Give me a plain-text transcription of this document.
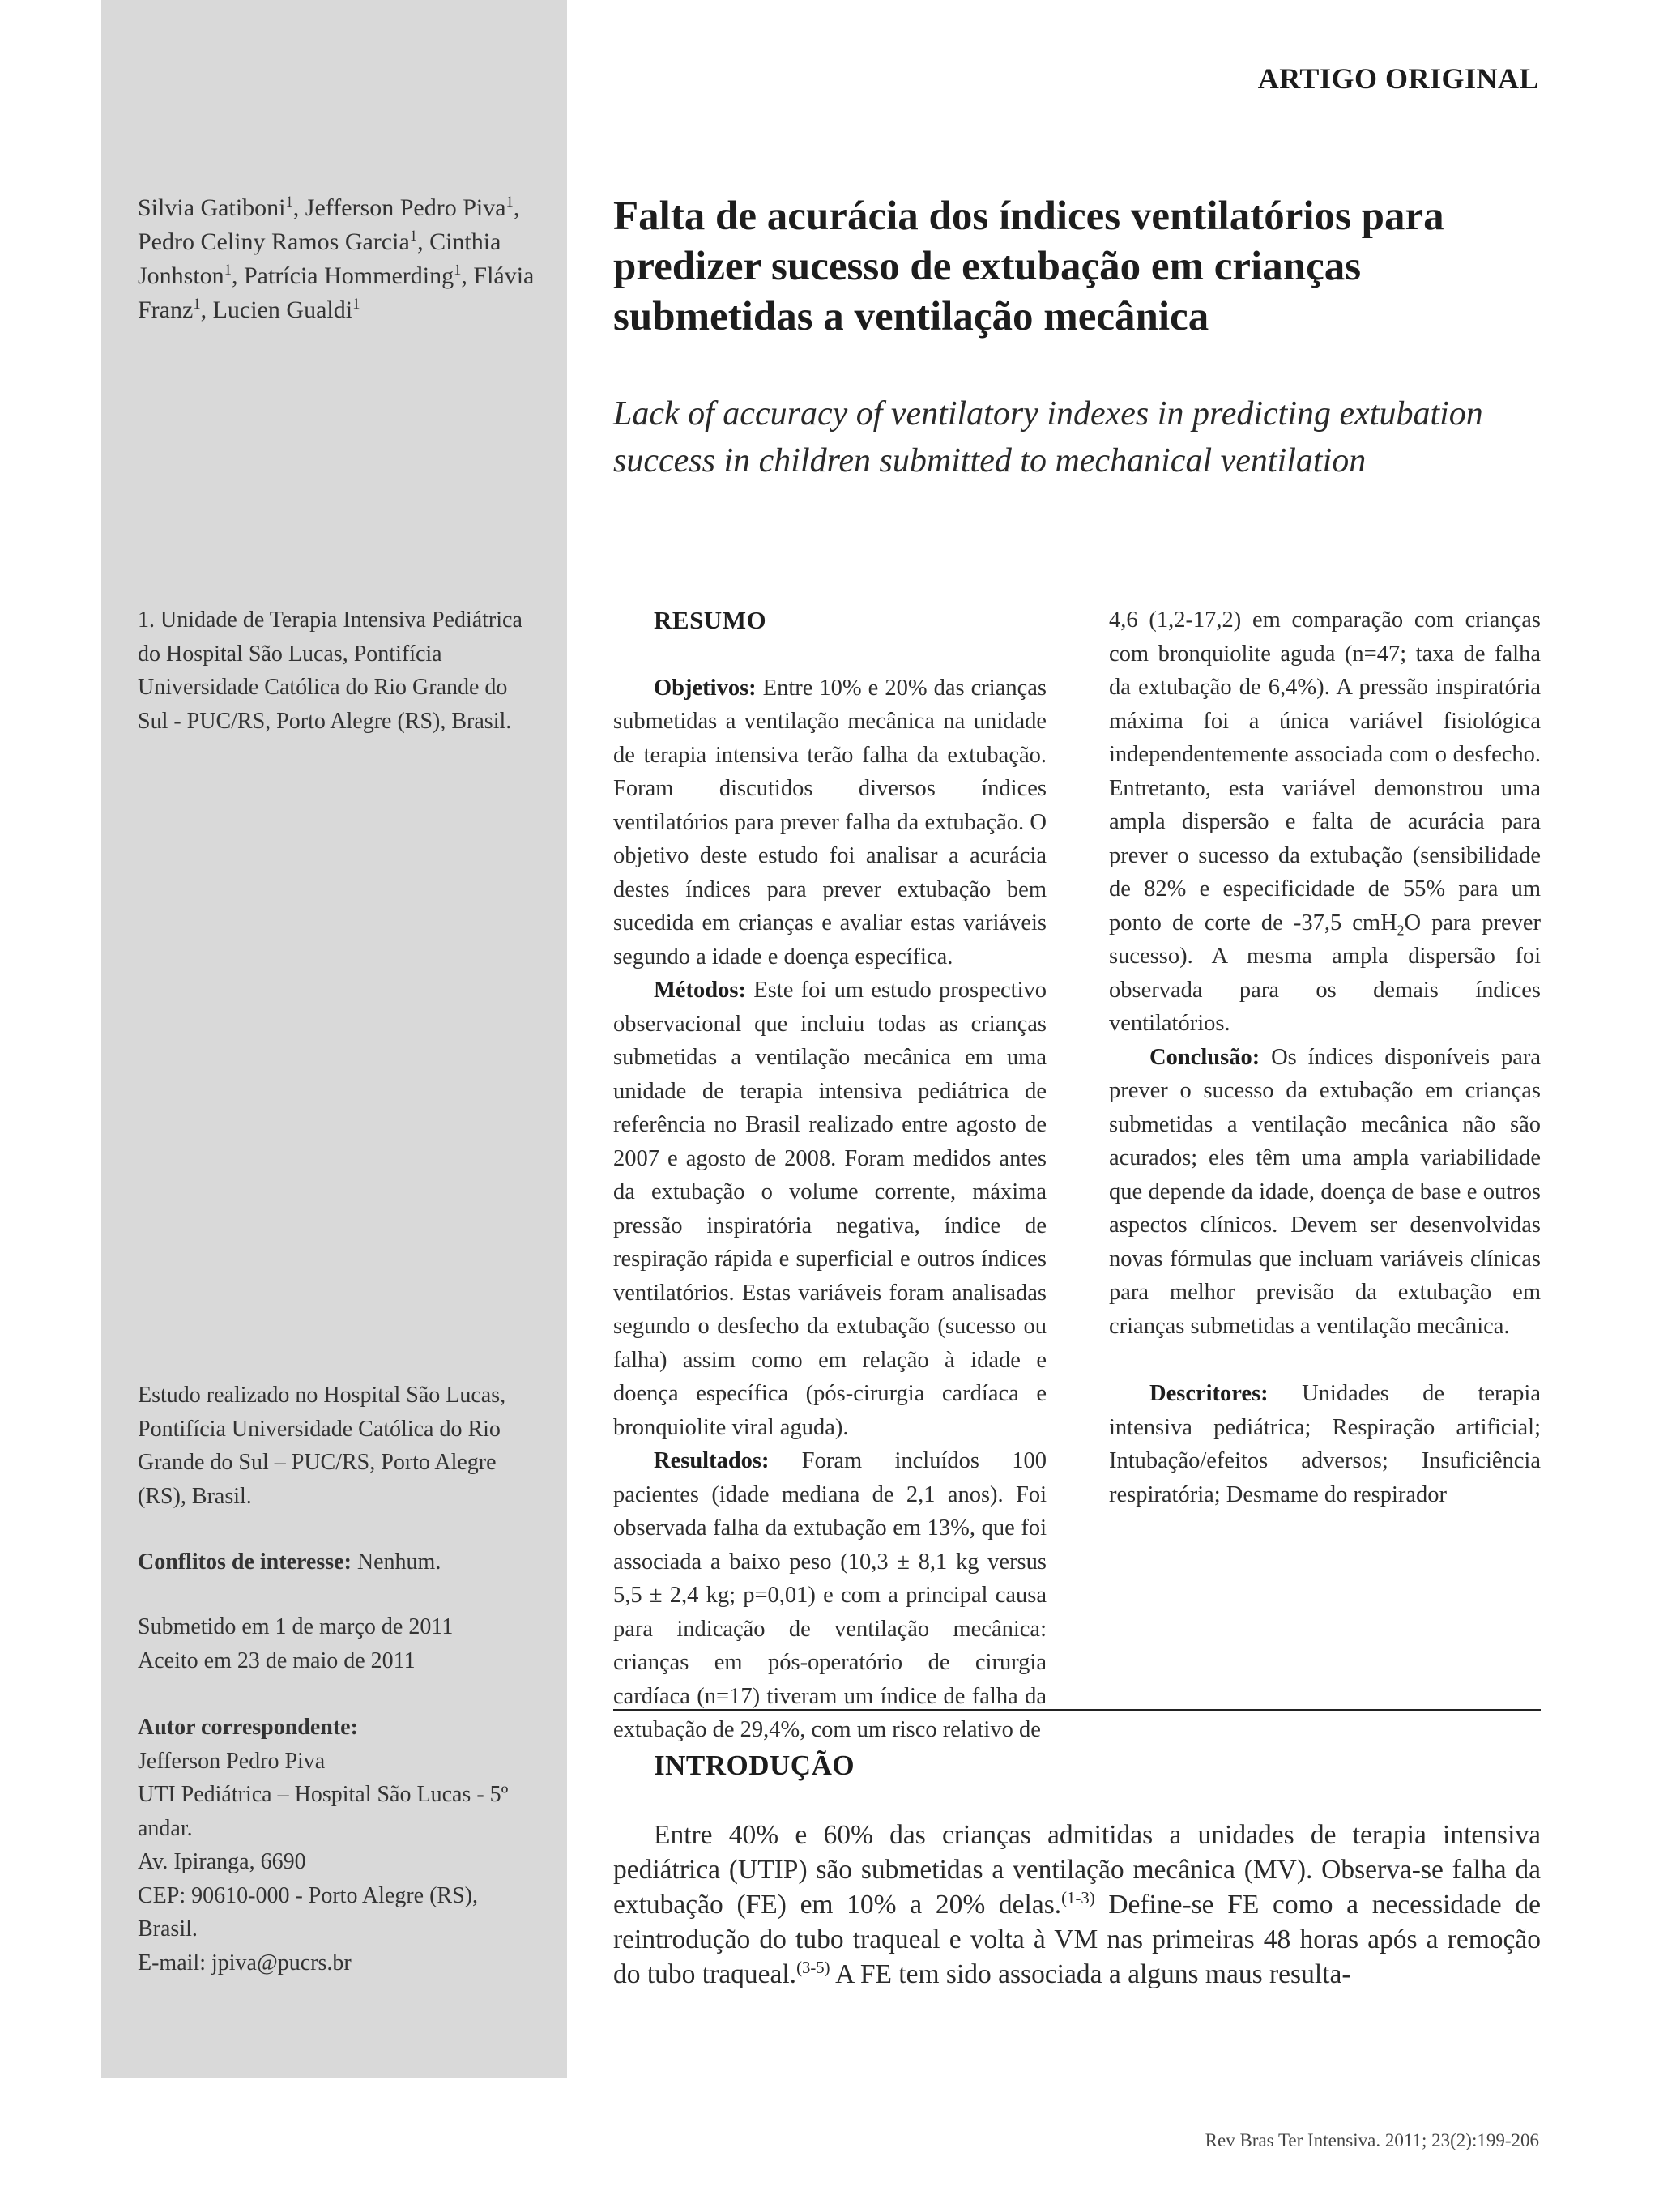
ARTIGO ORIGINAL
Silvia Gatiboni$^1$, Jefferson Pedro Piva$^1$, Pedro Celiny Ramos Garcia$^1$, Cinthia Jonhston$^1$, Patrícia Hommerding$^1$, Flávia Franz$^1$, Lucien Gualdi$^1$
Falta de acurácia dos índices ventilatórios para predizer sucesso de extubação em crianças submetidas a ventilação mecânica
Lack of accuracy of ventilatory indexes in predicting extubation success in children submitted to mechanical ventilation
1. Unidade de Terapia Intensiva Pediátrica do Hospital São Lucas, Pontifícia Universidade Católica do Rio Grande do Sul - PUC/RS, Porto Alegre (RS), Brasil.
Estudo realizado no Hospital São Lucas, Pontifícia Universidade Católica do Rio Grande do Sul – PUC/RS, Porto Alegre (RS), Brasil.
Conflitos de interesse: Nenhum.
Submetido em 1 de março de 2011
Aceito em 23 de maio de 2011
Autor correspondente:
Jefferson Pedro Piva
UTI Pediátrica – Hospital São Lucas - 5º andar.
Av. Ipiranga, 6690
CEP: 90610-000 - Porto Alegre (RS), Brasil.
E-mail: jpiva@pucrs.br
RESUMO

Objetivos: Entre 10% e 20% das crianças submetidas a ventilação mecânica na unidade de terapia intensiva terão falha da extubação. Foram discutidos diversos índices ventilatórios para prever falha da extubação. O objetivo deste estudo foi analisar a acurácia destes índices para prever extubação bem sucedida em crianças e avaliar estas variáveis segundo a idade e doença específica.

Métodos: Este foi um estudo prospectivo observacional que incluiu todas as crianças submetidas a ventilação mecânica em uma unidade de terapia intensiva pediátrica de referência no Brasil realizado entre agosto de 2007 e agosto de 2008. Foram medidos antes da extubação o volume corrente, máxima pressão inspiratória negativa, índice de respiração rápida e superficial e outros índices ventilatórios. Estas variáveis foram analisadas segundo o desfecho da extubação (sucesso ou falha) assim como em relação à idade e doença específica (pós-cirurgia cardíaca e bronquiolite viral aguda).

Resultados: Foram incluídos 100 pacientes (idade mediana de 2,1 anos). Foi observada falha da extubação em 13%, que foi associada a baixo peso (10,3 ± 8,1 kg versus 5,5 ± 2,4 kg; p=0,01) e com a principal causa para indicação de ventilação mecânica: crianças em pós-operatório de cirurgia cardíaca (n=17) tiveram um índice de falha da extubação de 29,4%, com um risco relativo de

4,6 (1,2-17,2) em comparação com crianças com bronquiolite aguda (n=47; taxa de falha da extubação de 6,4%). A pressão inspiratória máxima foi a única variável fisiológica independentemente associada com o desfecho. Entretanto, esta variável demonstrou uma ampla dispersão e falta de acurácia para prever o sucesso da extubação (sensibilidade de 82% e especificidade de 55% para um ponto de corte de -37,5 cmH$_2$O para prever sucesso). A mesma ampla dispersão foi observada para os demais índices ventilatórios.

Conclusão: Os índices disponíveis para prever o sucesso da extubação em crianças submetidas a ventilação mecânica não são acurados; eles têm uma ampla variabilidade que depende da idade, doença de base e outros aspectos clínicos. Devem ser desenvolvidas novas fórmulas que incluam variáveis clínicas para melhor previsão da extubação em crianças submetidas a ventilação mecânica.

Descritores: Unidades de terapia intensiva pediátrica; Respiração artificial; Intubação/efeitos adversos; Insuficiência respiratória; Desmame do respirador

INTRODUÇÃO
Entre 40% e 60% das crianças admitidas a unidades de terapia intensiva pediátrica (UTIP) são submetidas a ventilação mecânica (MV). Observa-se falha da extubação (FE) em 10% a 20% delas.$^{(1-3)}$ Define-se FE como a necessidade de reintrodução do tubo traqueal e volta à VM nas primeiras 48 horas após a remoção do tubo traqueal.$^{(3-5)}$ A FE tem sido associada a alguns maus resulta-
Rev Bras Ter Intensiva. 2011; 23(2):199-206
